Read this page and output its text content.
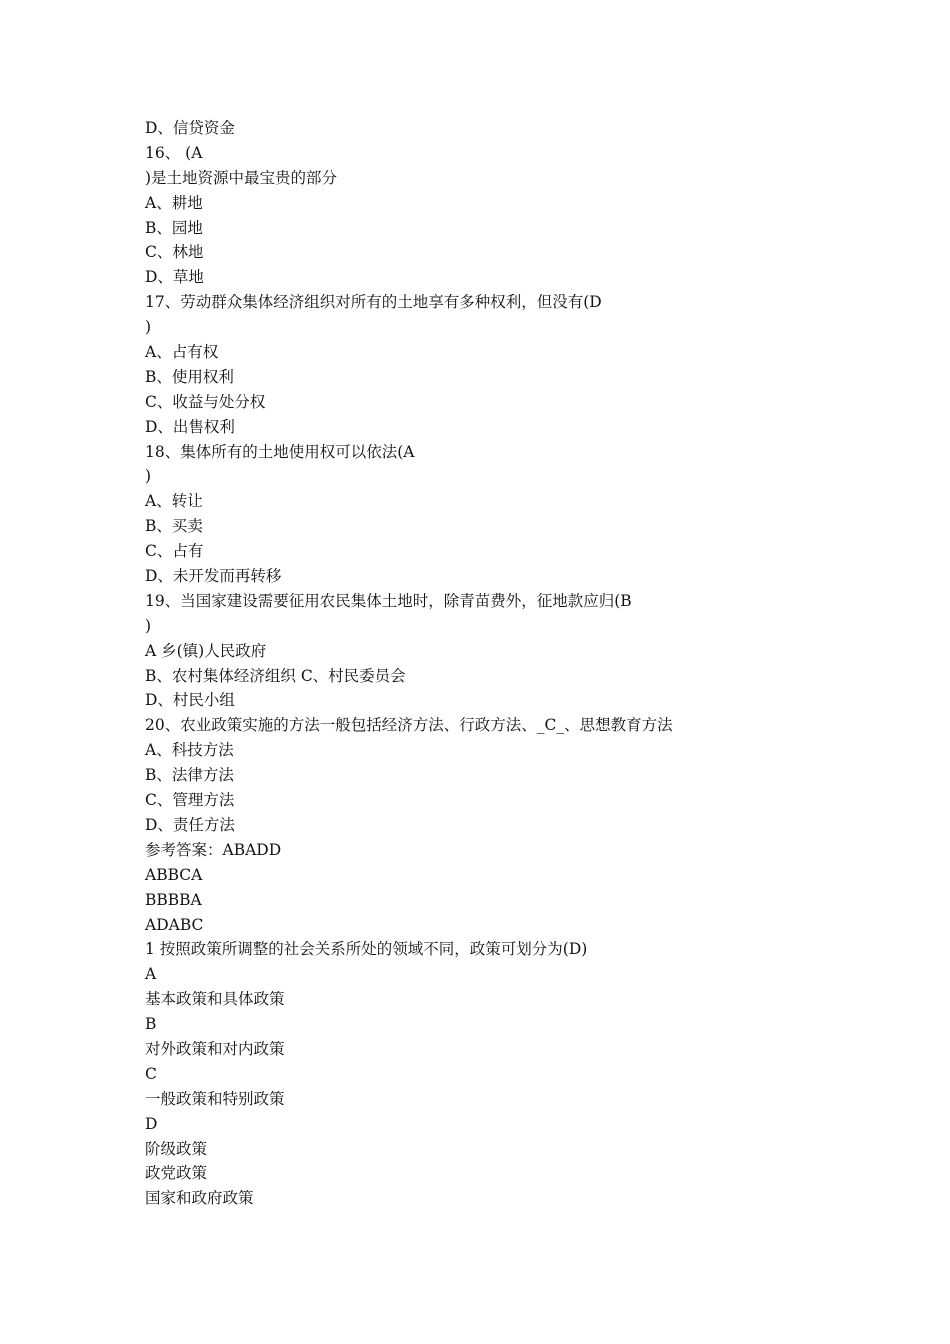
D、信贷资金
16、 (A
)是土地资源中最宝贵的部分
A、耕地
B、园地
C、林地
D、草地
17、劳动群众集体经济组织对所有的土地享有多种权利，但没有(D
)
A、占有权
B、使用权利
C、收益与处分权
D、出售权利
18、集体所有的土地使用权可以依法(A
)
A、转让
B、买卖
C、占有
D、未开发而再转移
19、当国家建设需要征用农民集体土地时，除青苗费外，征地款应归(B
)
A 乡(镇)人民政府
B、农村集体经济组织 C、村民委员会
D、村民小组
20、农业政策实施的方法一般包括经济方法、行政方法、_C_、思想教育方法
A、科技方法
B、法律方法
C、管理方法
D、责任方法
参考答案：ABADD
ABBCA
BBBBA
ADABC
1 按照政策所调整的社会关系所处的领域不同，政策可划分为(D)
A
基本政策和具体政策
B
对外政策和对内政策
C
一般政策和特别政策
D
阶级政策
政党政策
国家和政府政策
